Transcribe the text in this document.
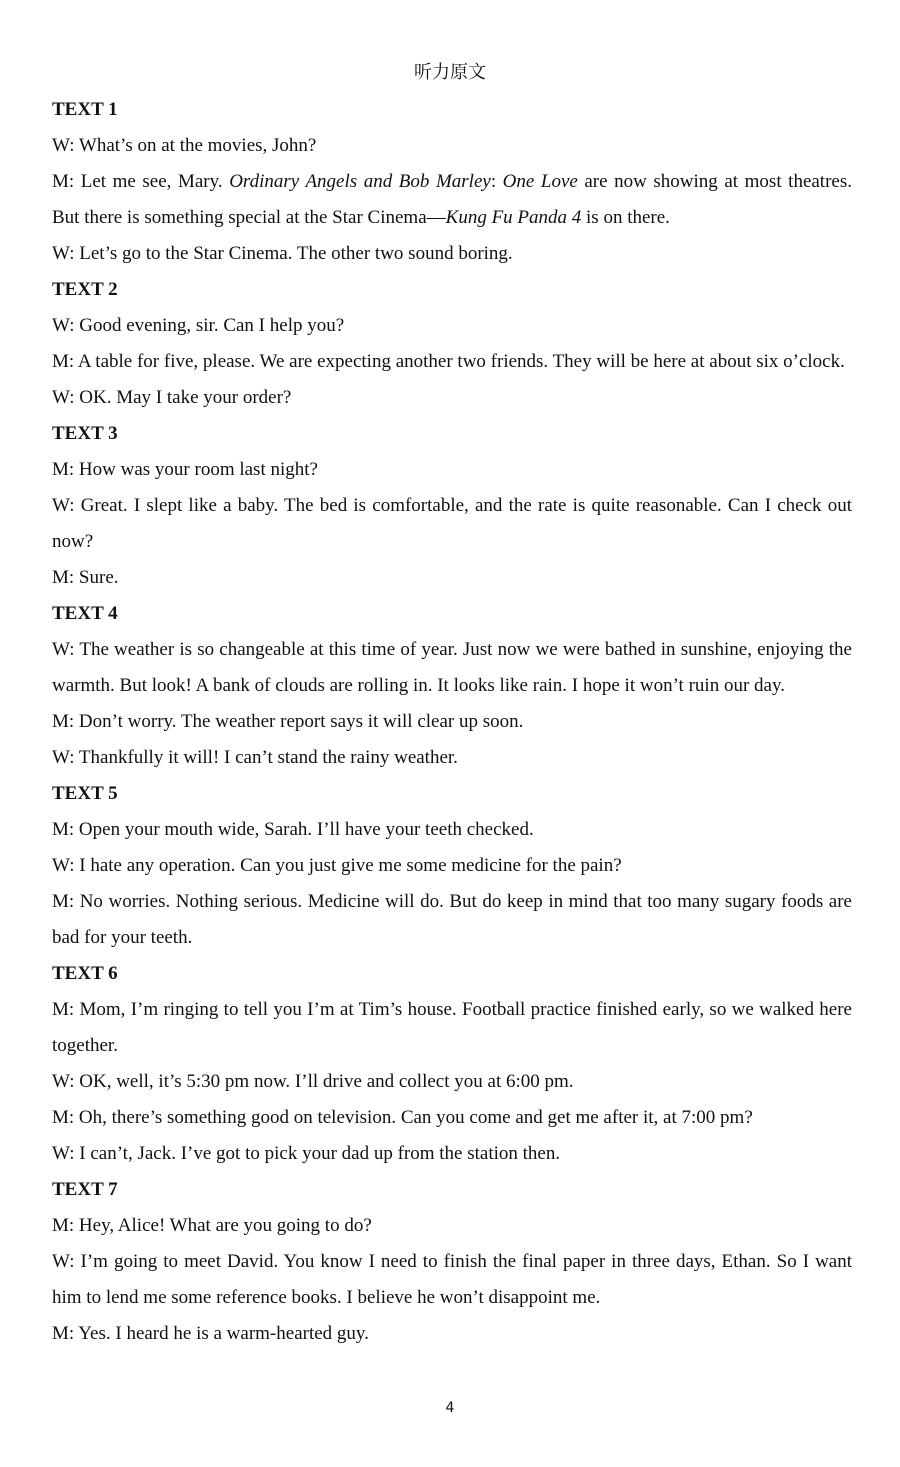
听力原文
TEXT 1
W: What’s on at the movies, John?
M: Let me see, Mary. Ordinary Angels and Bob Marley: One Love are now showing at most theatres. But there is something special at the Star Cinema—Kung Fu Panda 4 is on there.
W: Let’s go to the Star Cinema. The other two sound boring.
TEXT 2
W: Good evening, sir. Can I help you?
M: A table for five, please. We are expecting another two friends. They will be here at about six o’clock.
W: OK. May I take your order?
TEXT 3
M: How was your room last night?
W: Great. I slept like a baby. The bed is comfortable, and the rate is quite reasonable. Can I check out now?
M: Sure.
TEXT 4
W: The weather is so changeable at this time of year. Just now we were bathed in sunshine, enjoying the warmth. But look! A bank of clouds are rolling in. It looks like rain. I hope it won’t ruin our day.
M: Don’t worry. The weather report says it will clear up soon.
W: Thankfully it will! I can’t stand the rainy weather.
TEXT 5
M: Open your mouth wide, Sarah. I’ll have your teeth checked.
W: I hate any operation. Can you just give me some medicine for the pain?
M: No worries. Nothing serious. Medicine will do. But do keep in mind that too many sugary foods are bad for your teeth.
TEXT 6
M: Mom, I’m ringing to tell you I’m at Tim’s house. Football practice finished early, so we walked here together.
W: OK, well, it’s 5:30 pm now. I’ll drive and collect you at 6:00 pm.
M: Oh, there’s something good on television. Can you come and get me after it, at 7:00 pm?
W: I can’t, Jack. I’ve got to pick your dad up from the station then.
TEXT 7
M: Hey, Alice! What are you going to do?
W: I’m going to meet David. You know I need to finish the final paper in three days, Ethan. So I want him to lend me some reference books. I believe he won’t disappoint me.
M: Yes. I heard he is a warm-hearted guy.
4
